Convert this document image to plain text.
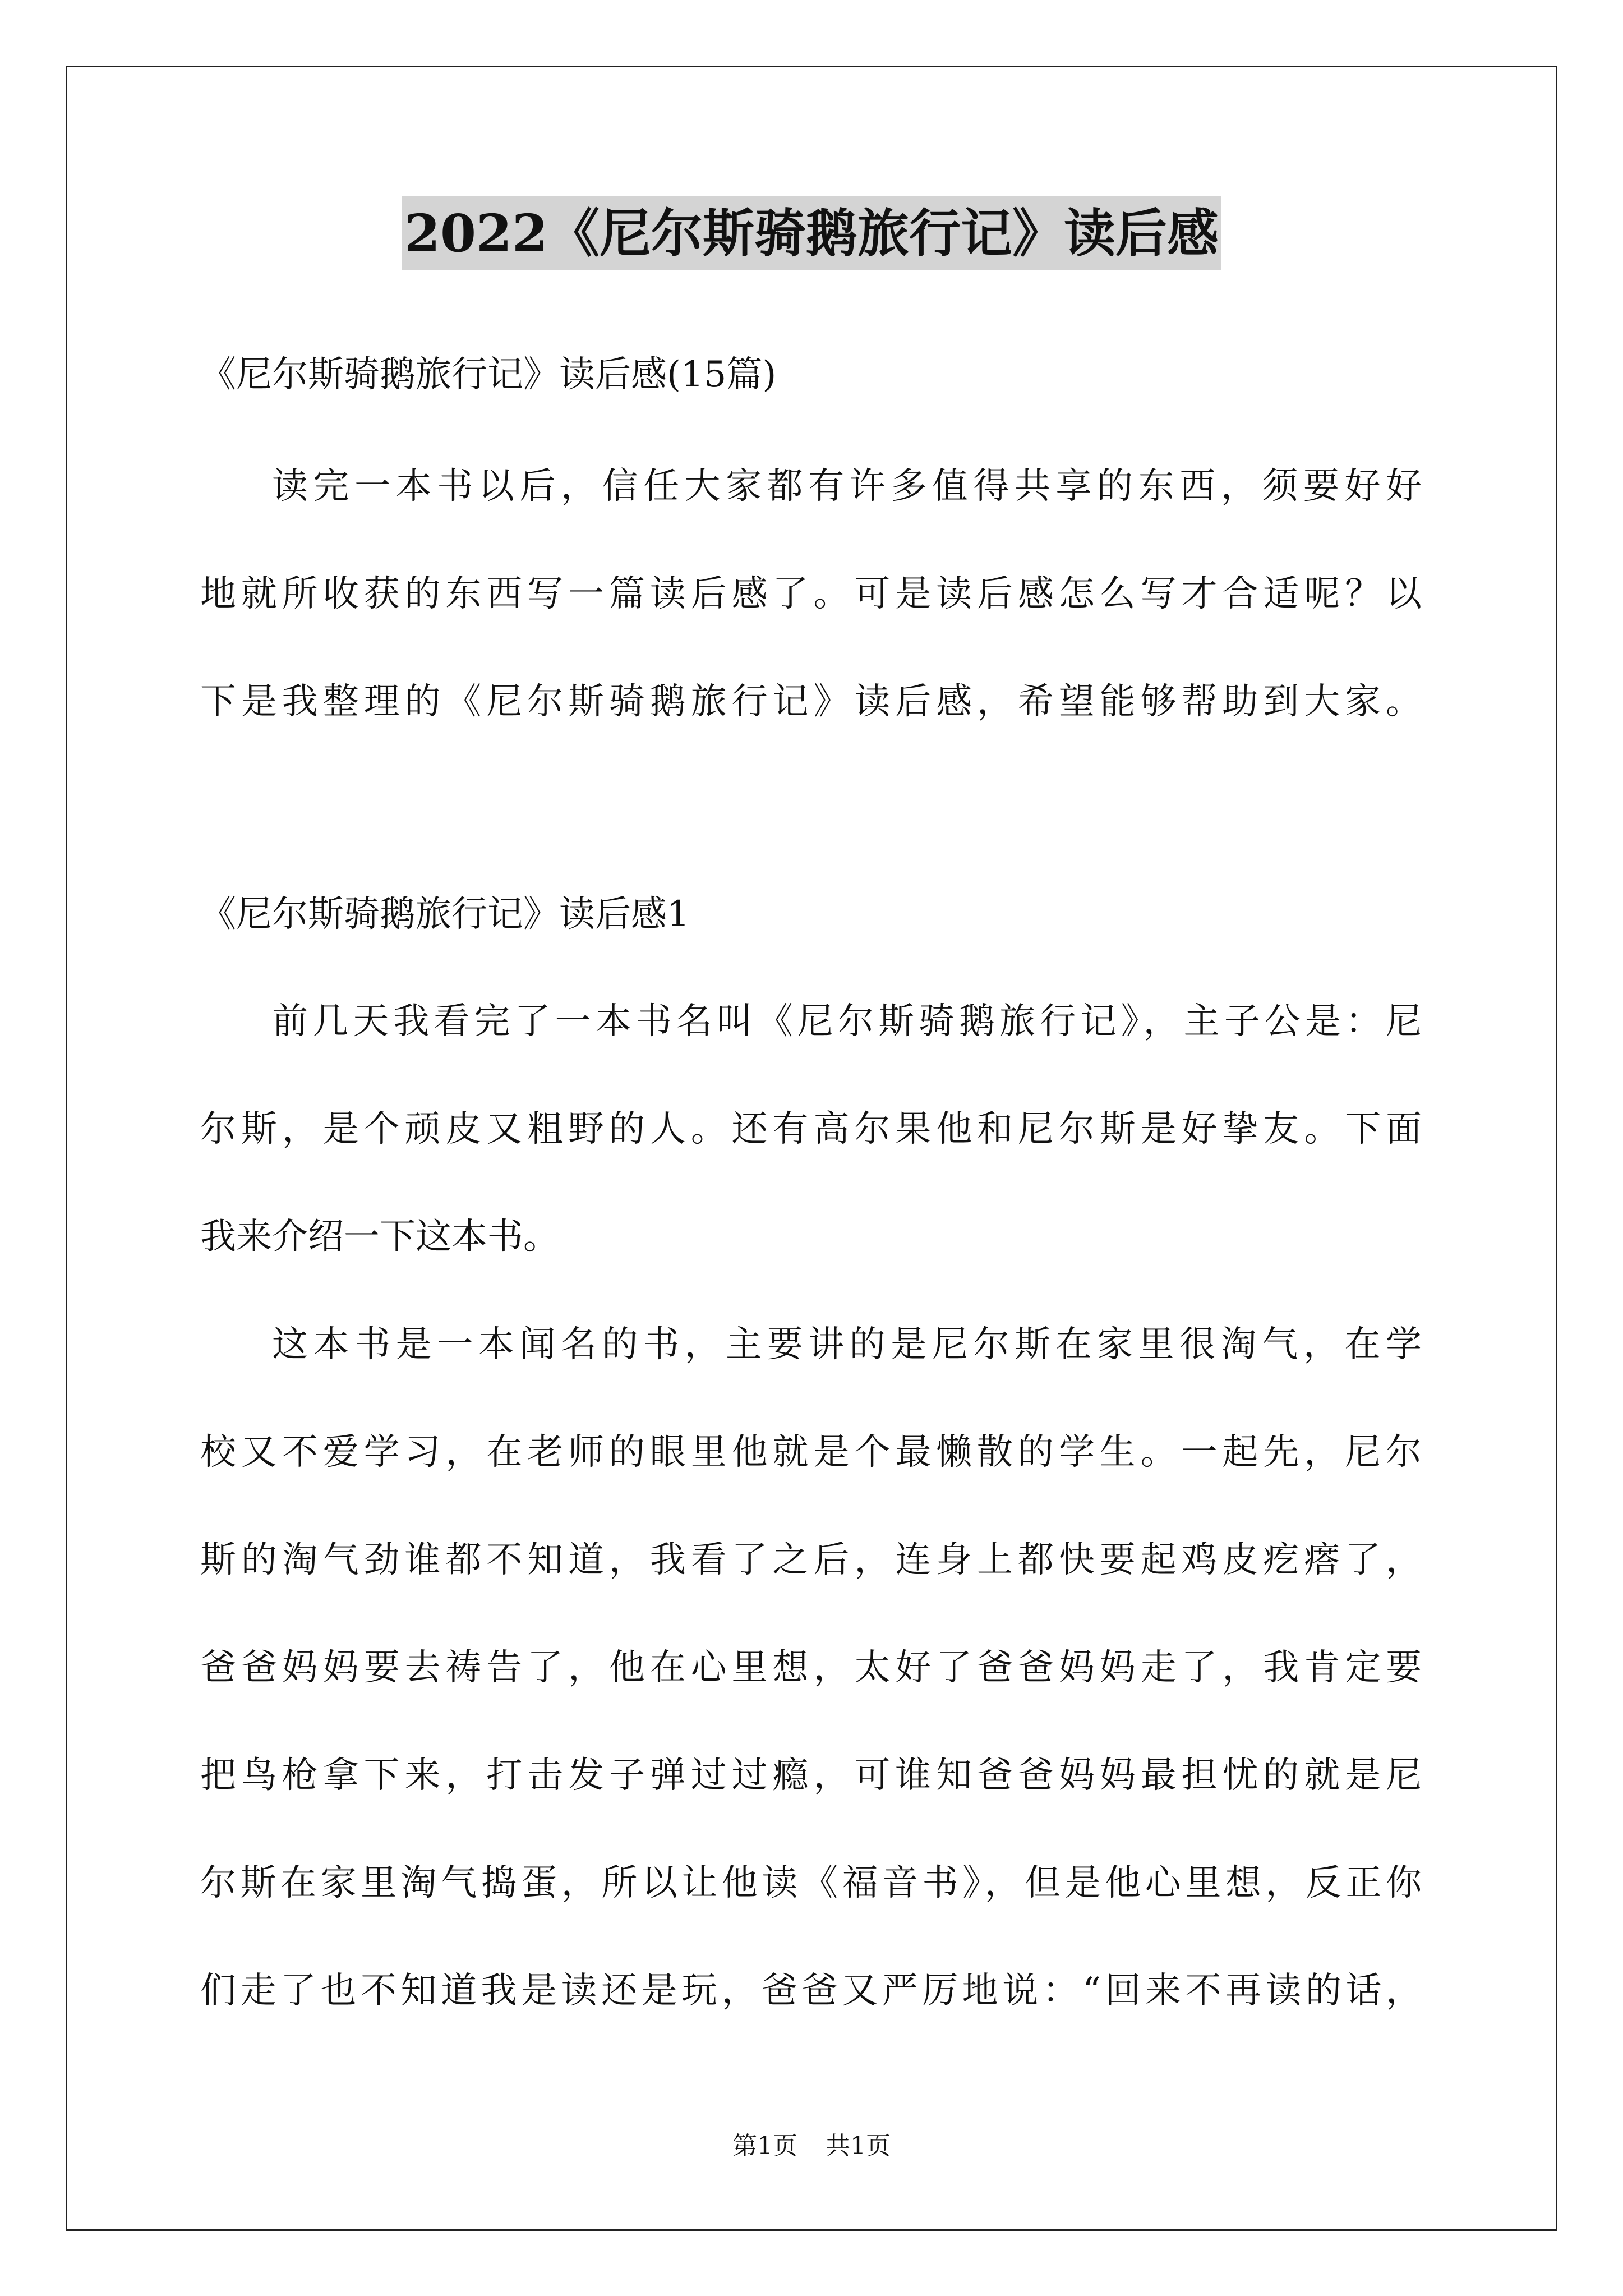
2022《尼尔斯骑鹅旅行记》读后感
《尼尔斯骑鹅旅行记》读后感(15篇)
读完一本书以后，信任大家都有许多值得共享的东西，须要好好
地就所收获的东西写一篇读后感了。可是读后感怎么写才合适呢？以
下是我整理的《尼尔斯骑鹅旅行记》读后感，希望能够帮助到大家。
《尼尔斯骑鹅旅行记》读后感1
前几天我看完了一本书名叫《尼尔斯骑鹅旅行记》，主子公是：尼
尔斯，是个顽皮又粗野的人。还有高尔果他和尼尔斯是好挚友。下面
我来介绍一下这本书。
这本书是一本闻名的书，主要讲的是尼尔斯在家里很淘气，在学
校又不爱学习，在老师的眼里他就是个最懒散的学生。一起先，尼尔
斯的淘气劲谁都不知道，我看了之后，连身上都快要起鸡皮疙瘩了，
爸爸妈妈要去祷告了，他在心里想，太好了爸爸妈妈走了，我肯定要
把鸟枪拿下来，打击发子弹过过瘾，可谁知爸爸妈妈最担忧的就是尼
尔斯在家里淘气捣蛋，所以让他读《福音书》，但是他心里想，反正你
们走了也不知道我是读还是玩，爸爸又严厉地说：“回来不再读的话，
第1页 共1页
